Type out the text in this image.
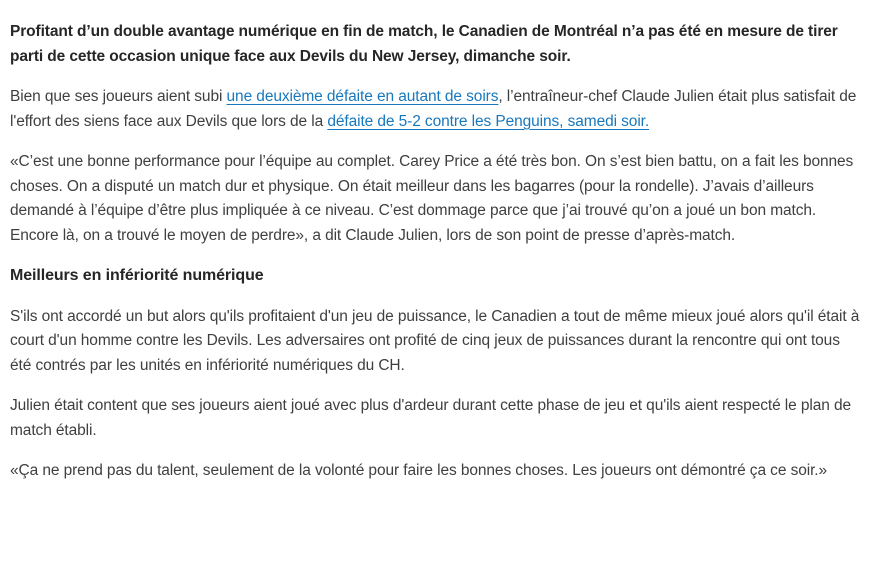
Profitant d’un double avantage numérique en fin de match, le Canadien de Montréal n’a pas été en mesure de tirer parti de cette occasion unique face aux Devils du New Jersey, dimanche soir.

Bien que ses joueurs aient subi une deuxième défaite en autant de soirs, l’entraîneur-chef Claude Julien était plus satisfait de l'effort des siens face aux Devils que lors de la défaite de 5-2 contre les Penguins, samedi soir.

«C’est une bonne performance pour l’équipe au complet. Carey Price a été très bon. On s’est bien battu, on a fait les bonnes choses. On a disputé un match dur et physique. On était meilleur dans les bagarres (pour la rondelle). J’avais d’ailleurs demandé à l’équipe d’être plus impliquée à ce niveau. C’est dommage parce que j’ai trouvé qu’on a joué un bon match. Encore là, on a trouvé le moyen de perdre», a dit Claude Julien, lors de son point de presse d’après-match.

Meilleurs en infériorité numérique

S'ils ont accordé un but alors qu'ils profitaient d'un jeu de puissance, le Canadien a tout de même mieux joué alors qu'il était à court d'un homme contre les Devils. Les adversaires ont profité de cinq jeux de puissances durant la rencontre qui ont tous été contrés par les unités en infériorité numériques du CH.

Julien était content que ses joueurs aient joué avec plus d'ardeur durant cette phase de jeu et qu'ils aient respecté le plan de match établi.

«Ça ne prend pas du talent, seulement de la volonté pour faire les bonnes choses. Les joueurs ont démontré ça ce soir.»
